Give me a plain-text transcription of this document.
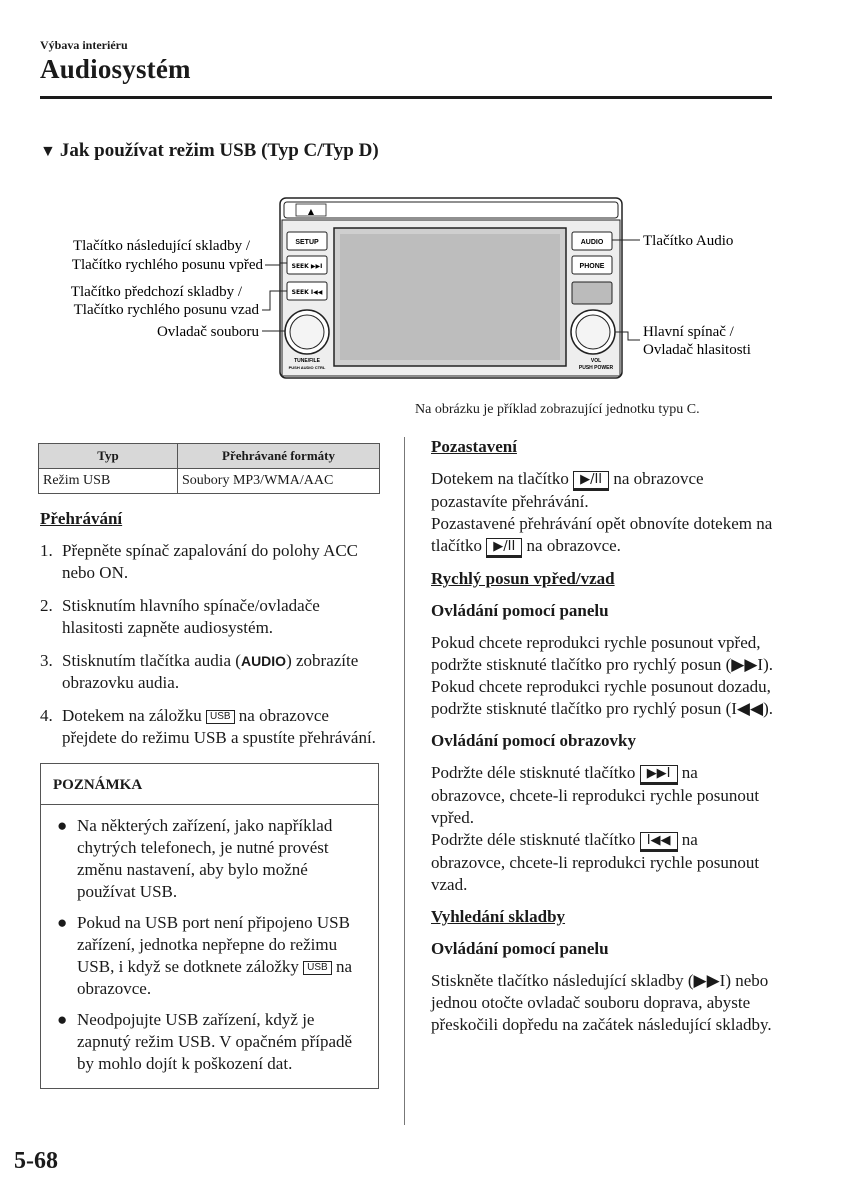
Výbava interiéru
Audiosystém
▼ Jak používat režim USB (Typ C/Typ D)
▲
SETUP
SEEK ▶▶I
SEEK I◀◀
TUNE/FILE
PUSH AUDIO CTRL
AUDIO
PHONE
VOL
PUSH POWER
Tlačítko následující skladby /
Tlačítko rychlého posunu vpřed
Tlačítko předchozí skladby /
Tlačítko rychlého posunu vzad
Ovladač souboru
Tlačítko Audio
Hlavní spínač /
Ovladač hlasitosti
Na obrázku je příklad zobrazující jednotku typu C.
Typ	Přehrávané formáty
Režim USB	Soubory MP3/WMA/AAC
Přehrávání
1. Přepněte spínač zapalování do polohy ACC nebo ON.
2. Stisknutím hlavního spínače/ovladače hlasitosti zapněte audiosystém.
3. Stisknutím tlačítka audia (AUDIO) zobrazíte obrazovku audia.
4. Dotekem na záložku USB na obrazovce přejdete do režimu USB a spustíte přehrávání.
POZNÁMKA
● Na některých zařízení, jako například chytrých telefonech, je nutné provést změnu nastavení, aby bylo možné používat USB.
● Pokud na USB port není připojeno USB zařízení, jednotka nepřepne do režimu USB, i když se dotknete záložky USB na obrazovce.
● Neodpojujte USB zařízení, když je zapnutý režim USB. V opačném případě by mohlo dojít k poškození dat.
Pozastavení

Dotekem na tlačítko ▶/II na obrazovce pozastavíte přehrávání.

Pozastavené přehrávání opět obnovíte dotekem na tlačítko ▶/II na obrazovce.

Rychlý posun vpřed/vzad
Ovládání pomocí panelu

Pokud chcete reprodukci rychle posunout vpřed, podržte stisknuté tlačítko pro rychlý posun (▶▶I).

Pokud chcete reprodukci rychle posunout dozadu, podržte stisknuté tlačítko pro rychlý posun (I◀◀).

Ovládání pomocí obrazovky

Podržte déle stisknuté tlačítko ▶▶I na obrazovce, chcete-li reprodukci rychle posunout vpřed.

Podržte déle stisknuté tlačítko I◀◀ na obrazovce, chcete-li reprodukci rychle posunout vzad.

Vyhledání skladby
Ovládání pomocí panelu

Stiskněte tlačítko následující skladby (▶▶I) nebo jednou otočte ovladač souboru doprava, abyste přeskočili dopředu na začátek následující skladby.

5-68
